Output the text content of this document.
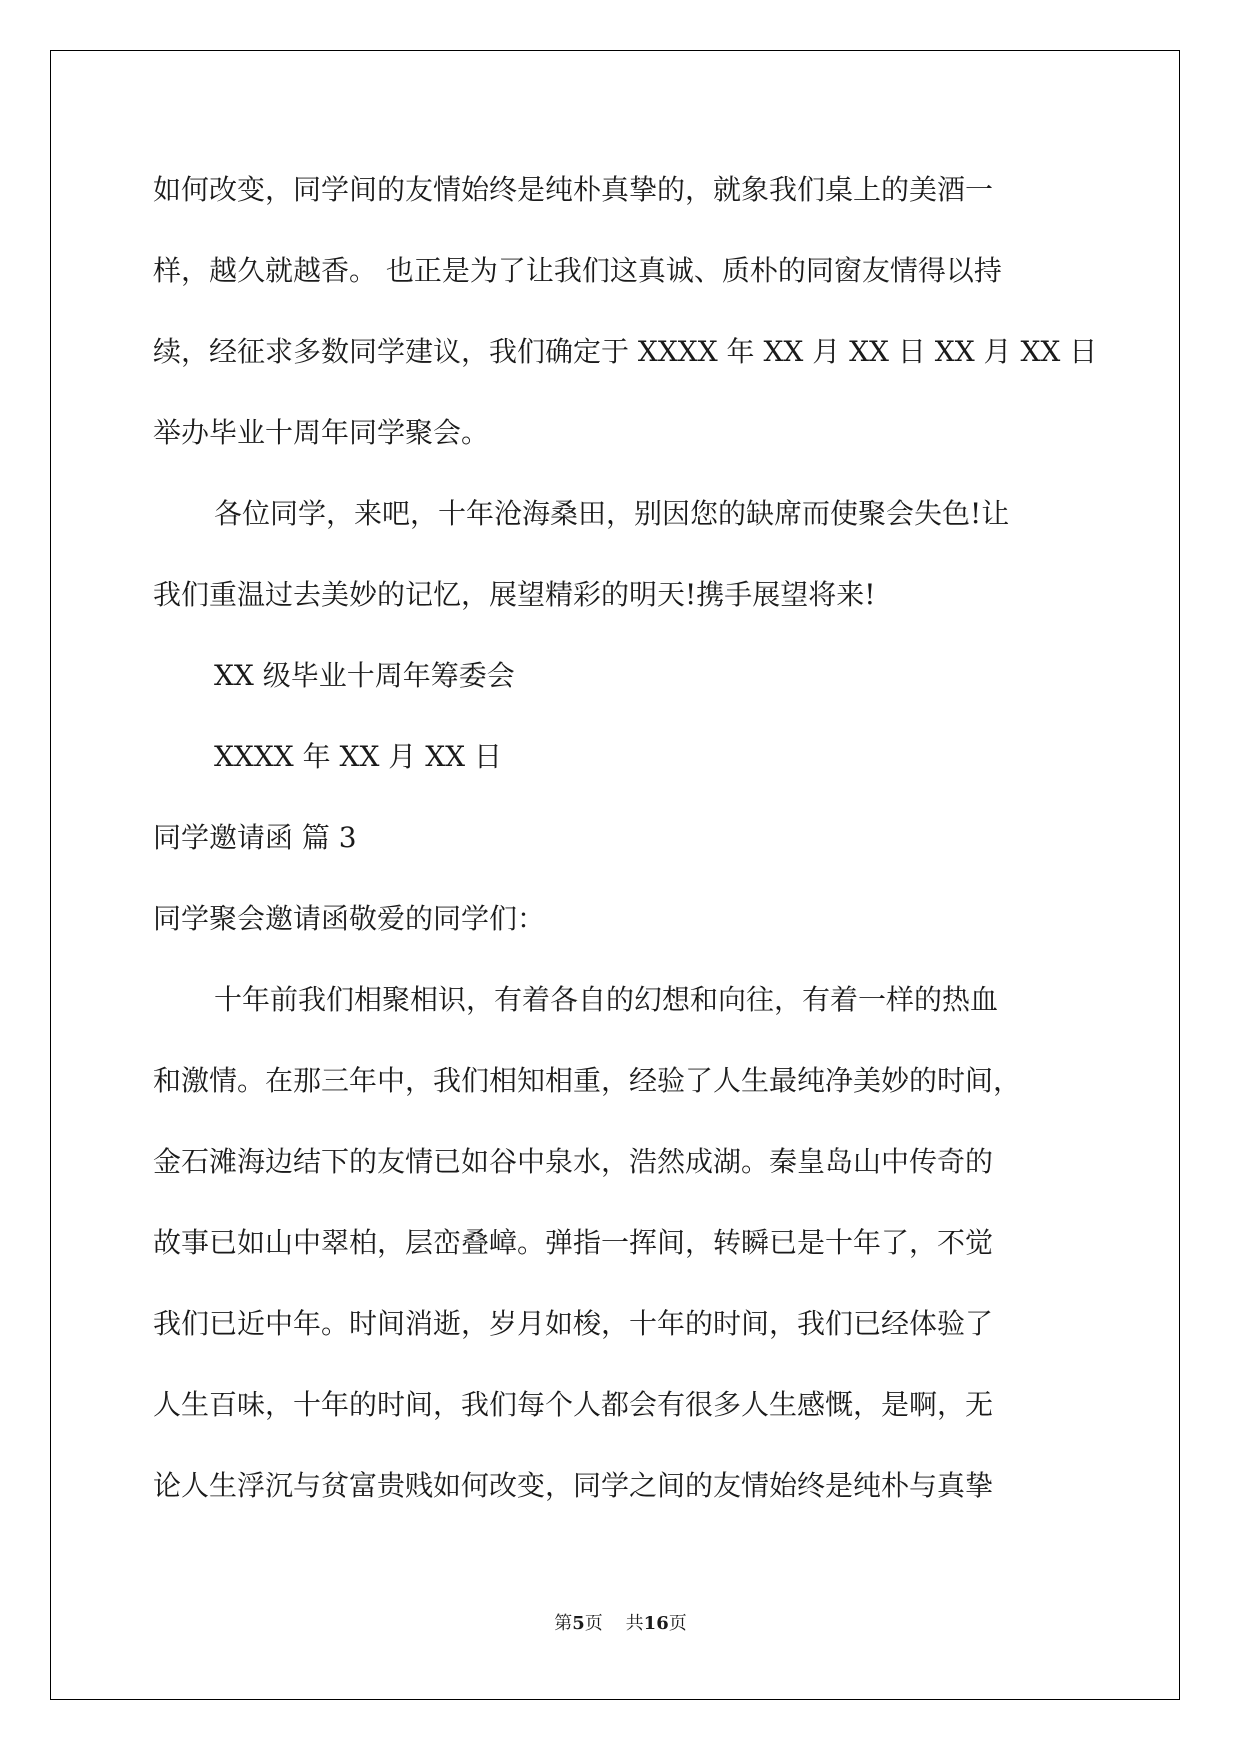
如何改变，同学间的友情始终是纯朴真挚的，就象我们桌上的美酒一
样，越久就越香。 也正是为了让我们这真诚、质朴的同窗友情得以持
续，经征求多数同学建议，我们确定于 XXXX 年 XX 月 XX 日 XX 月 XX 日
举办毕业十周年同学聚会。
各位同学，来吧，十年沧海桑田，别因您的缺席而使聚会失色!让
我们重温过去美妙的记忆，展望精彩的明天!携手展望将来!
XX 级毕业十周年筹委会
XXXX 年 XX 月 XX 日
同学邀请函 篇 3
同学聚会邀请函敬爱的同学们：
十年前我们相聚相识，有着各自的幻想和向往，有着一样的热血
和激情。在那三年中，我们相知相重，经验了人生最纯净美妙的时间，
金石滩海边结下的友情已如谷中泉水，浩然成湖。秦皇岛山中传奇的
故事已如山中翠柏，层峦叠嶂。弹指一挥间，转瞬已是十年了，不觉
我们已近中年。时间消逝，岁月如梭，十年的时间，我们已经体验了
人生百味，十年的时间，我们每个人都会有很多人生感慨，是啊，无
论人生浮沉与贫富贵贱如何改变，同学之间的友情始终是纯朴与真挚
第5页 共16页
